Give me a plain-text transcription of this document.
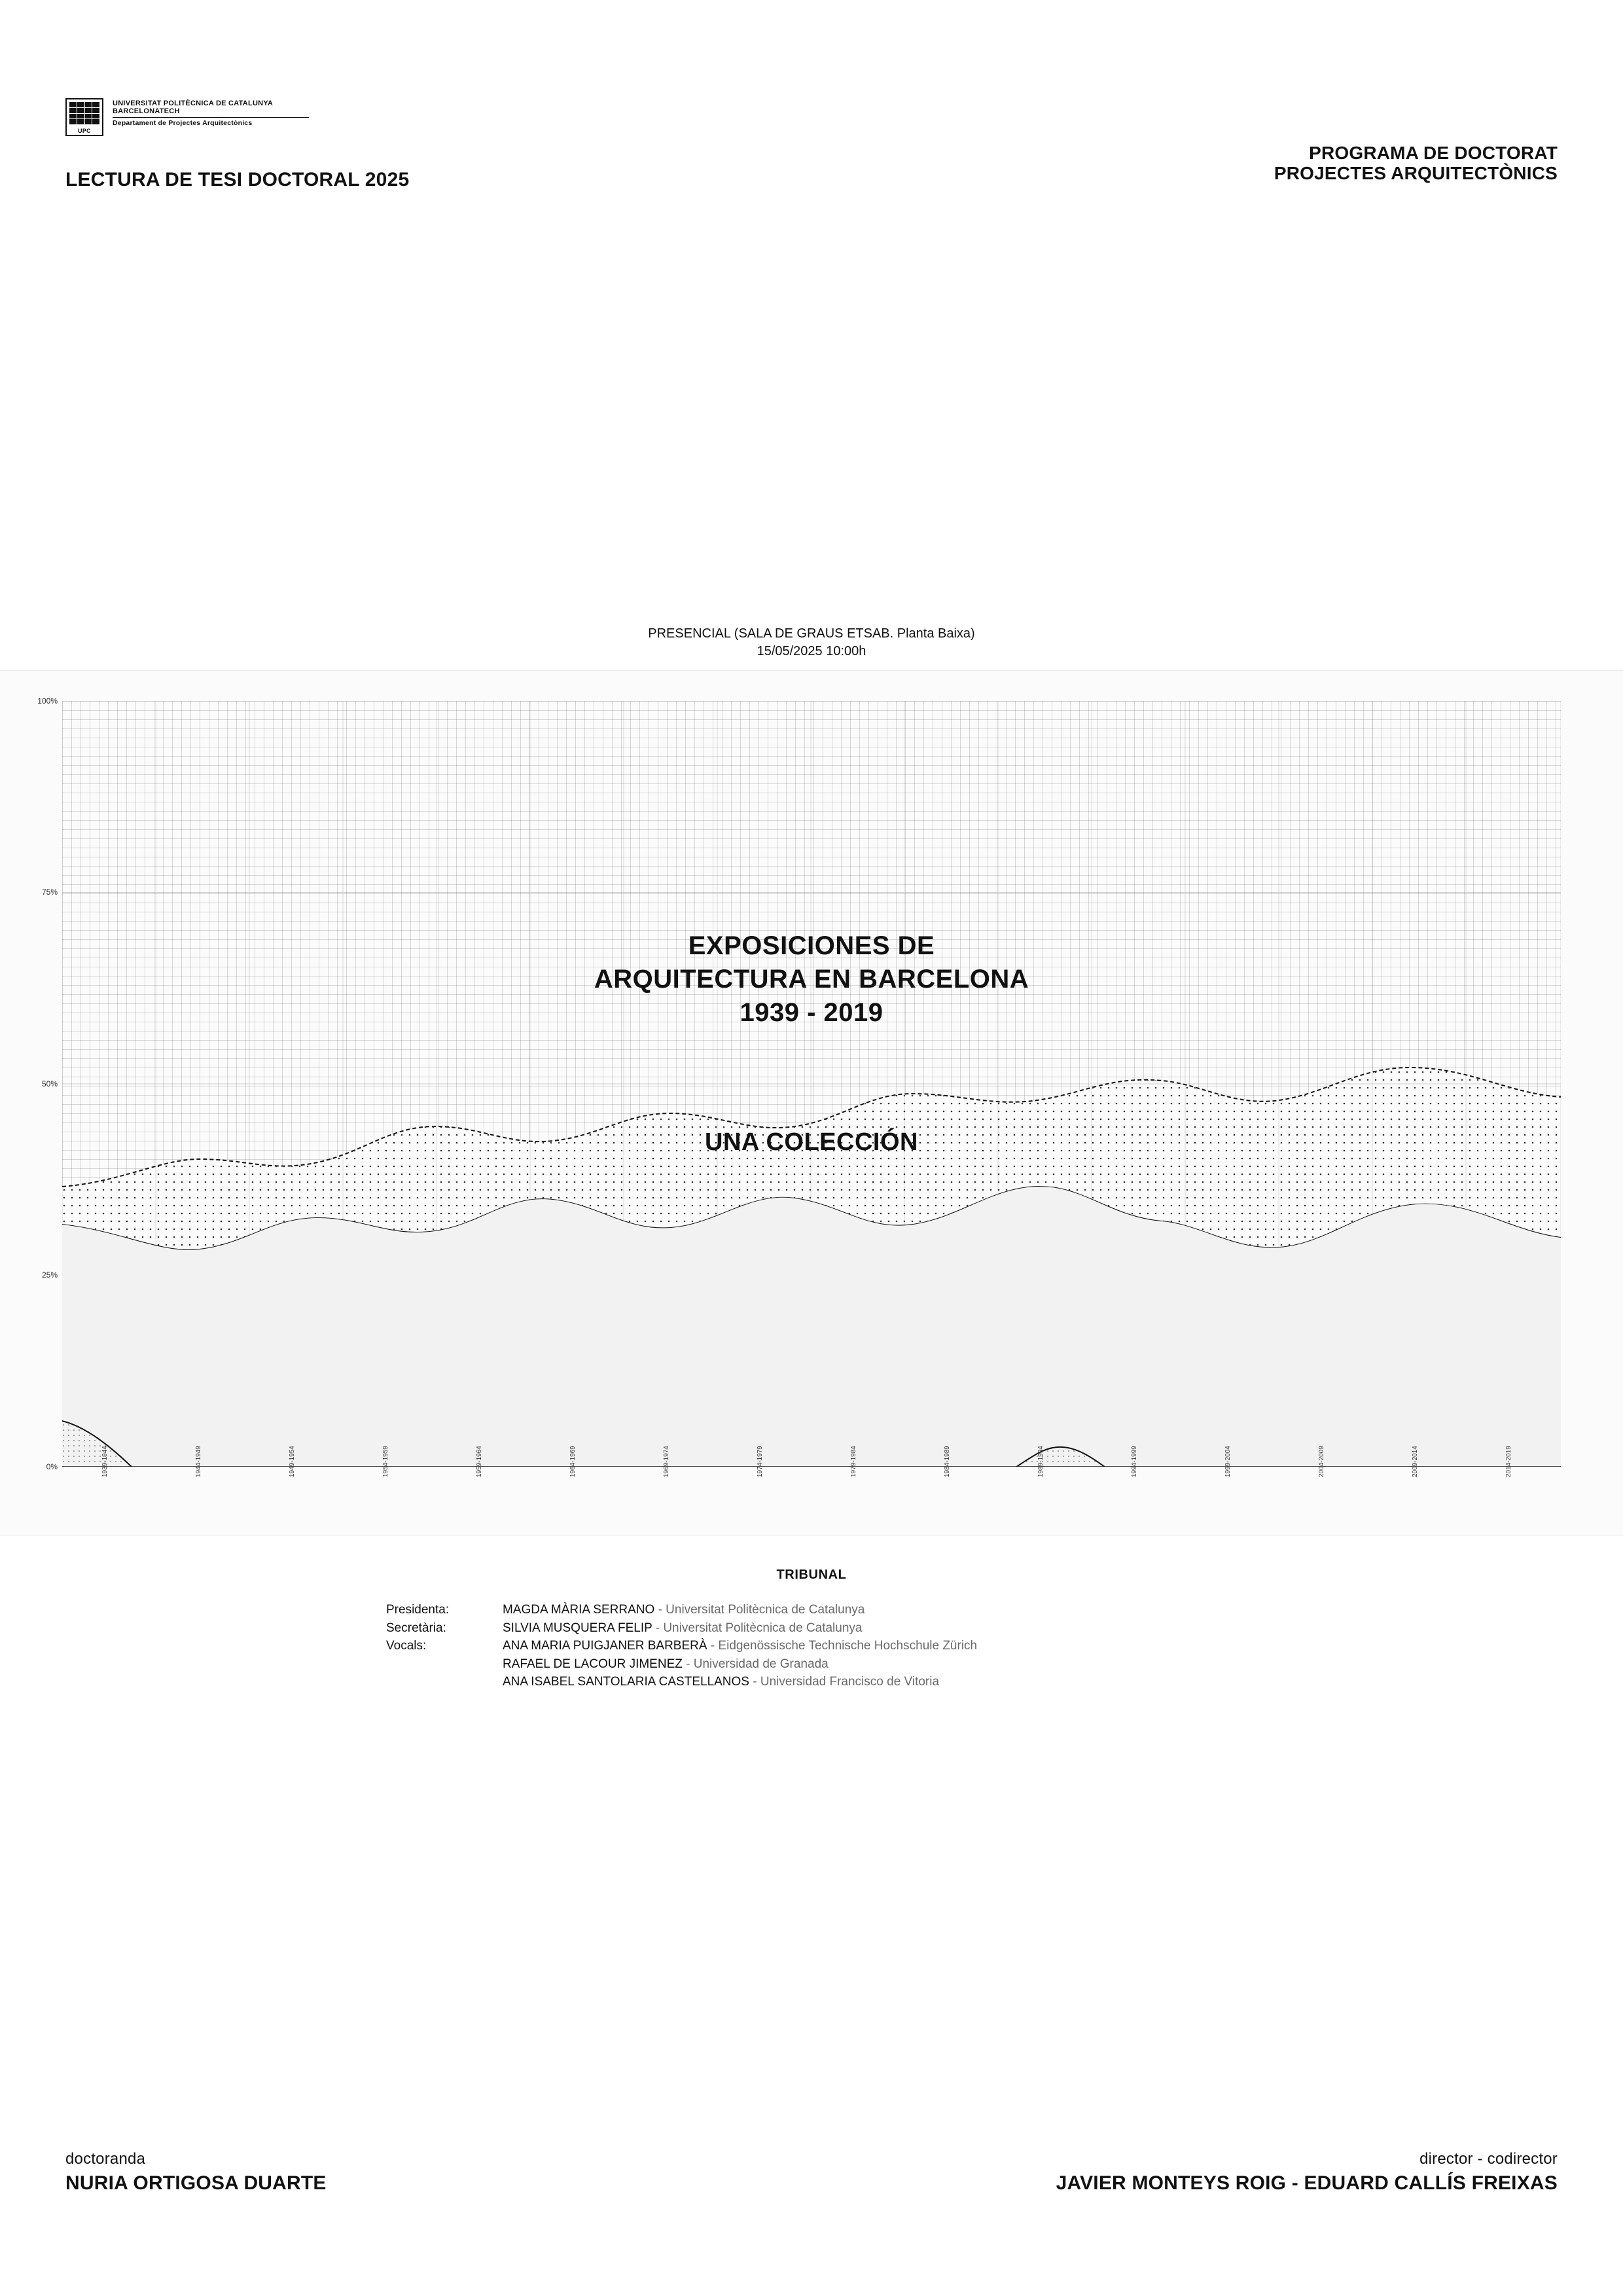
UPC
UNIVERSITAT POLITÈCNICA DE CATALUNYA
BARCELONATECH
Departament de Projectes Arquitectònics
LECTURA DE TESI DOCTORAL 2025
PROGRAMA DE DOCTORAT
PROJECTES ARQUITECTÒNICS
PRESENCIAL (SALA DE GRAUS ETSAB. Planta Baixa)
15/05/2025 10:00h
100%
75%
50%
25%
0%	1939-1944	1944-1949	1949-1954	1954-1959	1959-1964	1964-1969	1969-1974	1974-1979	1979-1984	1984-1989	1989-1994	1994-1999	1999-2004	2004-2009	2009-2014	2014-2019
EXPOSICIONES DE
ARQUITECTURA EN BARCELONA
1939 - 2019
UNA COLECCIÓN
TRIBUNAL
Presidenta:	MAGDA MÀRIA SERRANO - Universitat Politècnica de Catalunya
Secretària:	SILVIA MUSQUERA FELIP - Universitat Politècnica de Catalunya
Vocals:	ANA MARIA PUIGJANER BARBERÀ - Eidgenössische Technische Hochschule Zürich
RAFAEL DE LACOUR JIMENEZ - Universidad de Granada
ANA ISABEL SANTOLARIA CASTELLANOS - Universidad Francisco de Vitoria
doctoranda
NURIA ORTIGOSA DUARTE
director - codirector
JAVIER MONTEYS ROIG - EDUARD CALLÍS FREIXAS
